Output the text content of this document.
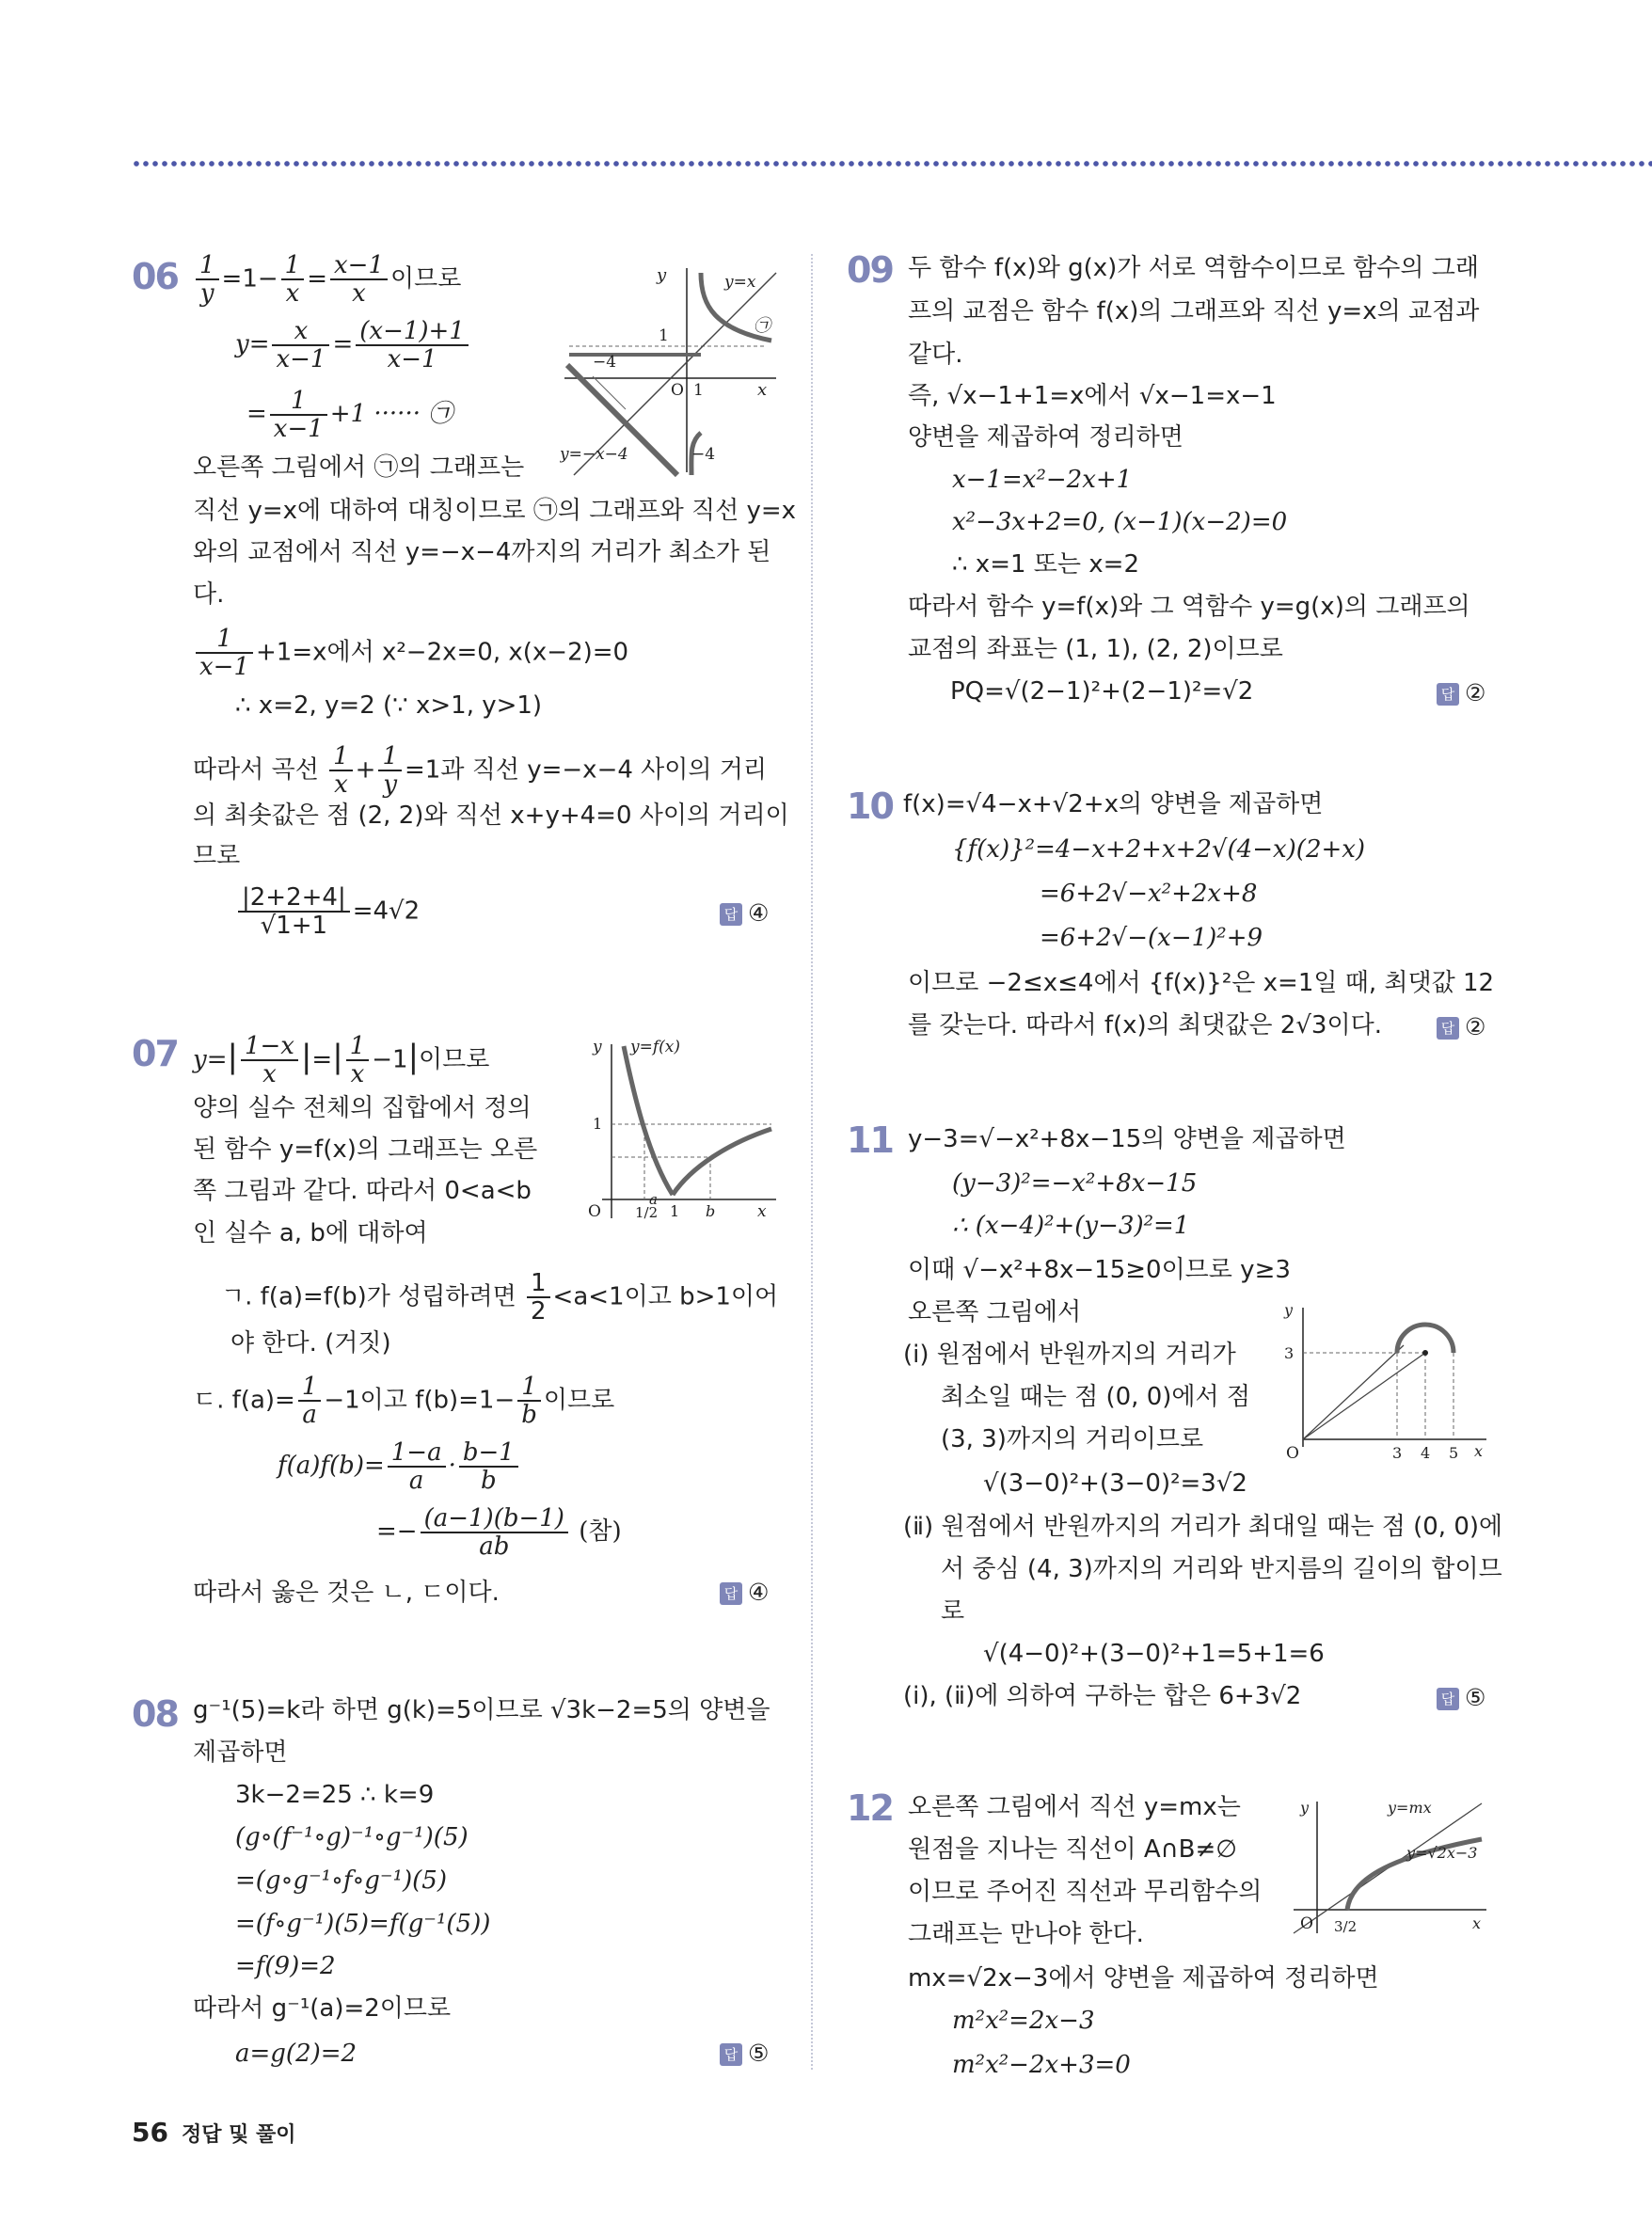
$06 \frac{1}{y} =1- \frac{1}{x} = \frac{x-1}{x}$ 이므로
$y= \frac{x}{x-1} = \frac{(x-1)+1}{x-1}$
= $\frac{1}{x-1} +1$ ······ ㉠
오른쪽 그림에서 ㉠의 그래프는
직선 y=x에 대하여 대칭이므로 ㉠의 그래프와 직선 y=x
와의 교점에서 직선 y=−x−4까지의 거리가 최소가 된
다.
$\frac{1}{x-1} +1=x$에서 x²−2x=0, x(x−2)=0
∴ x=2, y=2 (∵ x>1, y>1)
따라서 곡선 $\frac{1}{x} + \frac{1}{y} =1$과 직선 y=−x−4 사이의 거리
의 최솟값은 점 (2, 2)와 직선 x+y+4=0 사이의 거리이
므로
$\frac{|2+2+4|}{√1+1} =4√2$	답 ④
y	y=x
㉠
1
−4
O 1	x
y=−x−4	−4
07 $y=| \frac{1-x}{x}$ |=| $\frac{1}{x} -1|$이므로
양의 실수 전체의 집합에서 정의
된 함수 y=f(x)의 그래프는 오른
쪽 그림과 같다. 따라서 0<a<b
인 실수 a, b에 대하여
ㄱ. f(a)=f(b)가 성립하려면 $\frac{1}{2} <a<1$이고 b>1이어
야 한다. (거짓)
ㄷ. $f(a)= \frac{1}{a} -1$이고 $f(b)=1- \frac{1}{b}$ 이므로
$f(a)f(b)= \frac{1-a}{a} \cdot \frac{b-1}{b}$
=− $\frac{(a-1)(b-1)}{ab}$ (참)
따라서 옳은 것은 ㄴ, ㄷ이다.	답 ④
y y=f(x)
1
O 1/2
a
1 b	x
08 g⁻¹(5)=k라 하면 g(k)=5이므로 √3k−2=5의 양변을
제곱하면
3k−2=25 ∴ k=9
(g∘(f⁻¹∘g)⁻¹∘g⁻¹)(5)
=(g∘g⁻¹∘f∘g⁻¹)(5)
=(f∘g⁻¹)(5)=f(g⁻¹(5))
=f(9)=2
따라서 g⁻¹(a)=2이므로
a=g(2)=2	답 ⑤
09 두 함수 f(x)와 g(x)가 서로 역함수이므로 함수의 그래
프의 교점은 함수 f(x)의 그래프와 직선 y=x의 교점과
같다.
즉, √x−1+1=x에서 √x−1=x−1
양변을 제곱하여 정리하면
x−1=x²−2x+1
x²−3x+2=0, (x−1)(x−2)=0
∴ x=1 또는 x=2
따라서 함수 y=f(x)와 그 역함수 y=g(x)의 그래프의
교점의 좌표는 (1, 1), (2, 2)이므로
PQ=√(2−1)²+(2−1)²=√2	답 ②
10 f(x)=√4−x+√2+x의 양변을 제곱하면
{f(x)}²=4−x+2+x+2√(4−x)(2+x)
=6+2√−x²+2x+8
=6+2√−(x−1)²+9
이므로 −2≤x≤4에서 {f(x)}²은 x=1일 때, 최댓값 12
를 갖는다. 따라서 f(x)의 최댓값은 2√3이다.	답 ②
11 y−3=√−x²+8x−15의 양변을 제곱하면
(y−3)²=−x²+8x−15
∴ (x−4)²+(y−3)²=1
이때 √−x²+8x−15≥0이므로 y≥3
오른쪽 그림에서
(ⅰ) 원점에서 반원까지의 거리가
최소일 때는 점 (0, 0)에서 점
(3, 3)까지의 거리이므로
√(3−0)²+(3−0)²=3√2
(ⅱ) 원점에서 반원까지의 거리가 최대일 때는 점 (0, 0)에
서 중심 (4, 3)까지의 거리와 반지름의 길이의 합이므
로
√(4−0)²+(3−0)²+1=5+1=6
(ⅰ), (ⅱ)에 의하여 구하는 합은 6+3√2	답 ⑤
y
3
O	3 4 5 x
12 오른쪽 그림에서 직선 y=mx는
원점을 지나는 직선이 A∩B≠∅
이므로 주어진 직선과 무리함수의
그래프는 만나야 한다.
mx=√2x−3에서 양변을 제곱하여 정리하면
m²x²=2x−3
m²x²−2x+3=0
y	y=mx
y=√2x−3
O 3/2	x
56 정답 및 풀이
